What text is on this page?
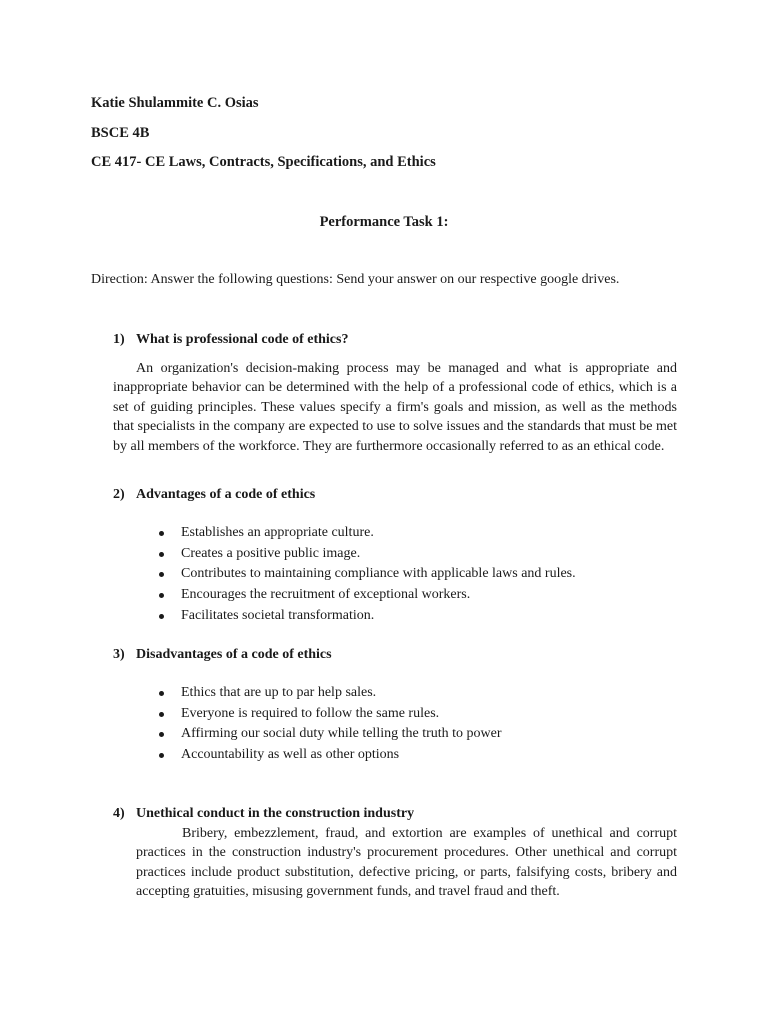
Katie Shulammite C. Osias

BSCE 4B

CE 417- CE Laws, Contracts, Specifications, and Ethics

Performance Task 1:

Direction: Answer the following questions: Send your answer on our respective google drives.

1) What is professional code of ethics?

An organization's decision-making process may be managed and what is appropriate and inappropriate behavior can be determined with the help of a professional code of ethics, which is a set of guiding principles. These values specify a firm's goals and mission, as well as the methods that specialists in the company are expected to use to solve issues and the standards that must be met by all members of the workforce. They are furthermore occasionally referred to as an ethical code.

2) Advantages of a code of ethics
Establishes an appropriate culture.
Creates a positive public image.
Contributes to maintaining compliance with applicable laws and rules.
Encourages the recruitment of exceptional workers.
Facilitates societal transformation.
3) Disadvantages of a code of ethics
Ethics that are up to par help sales.
Everyone is required to follow the same rules.
Affirming our social duty while telling the truth to power
Accountability as well as other options
4) Unethical conduct in the construction industry

Bribery, embezzlement, fraud, and extortion are examples of unethical and corrupt practices in the construction industry's procurement procedures. Other unethical and corrupt practices include product substitution, defective pricing, or parts, falsifying costs, bribery and accepting gratuities, misusing government funds, and travel fraud and theft.
